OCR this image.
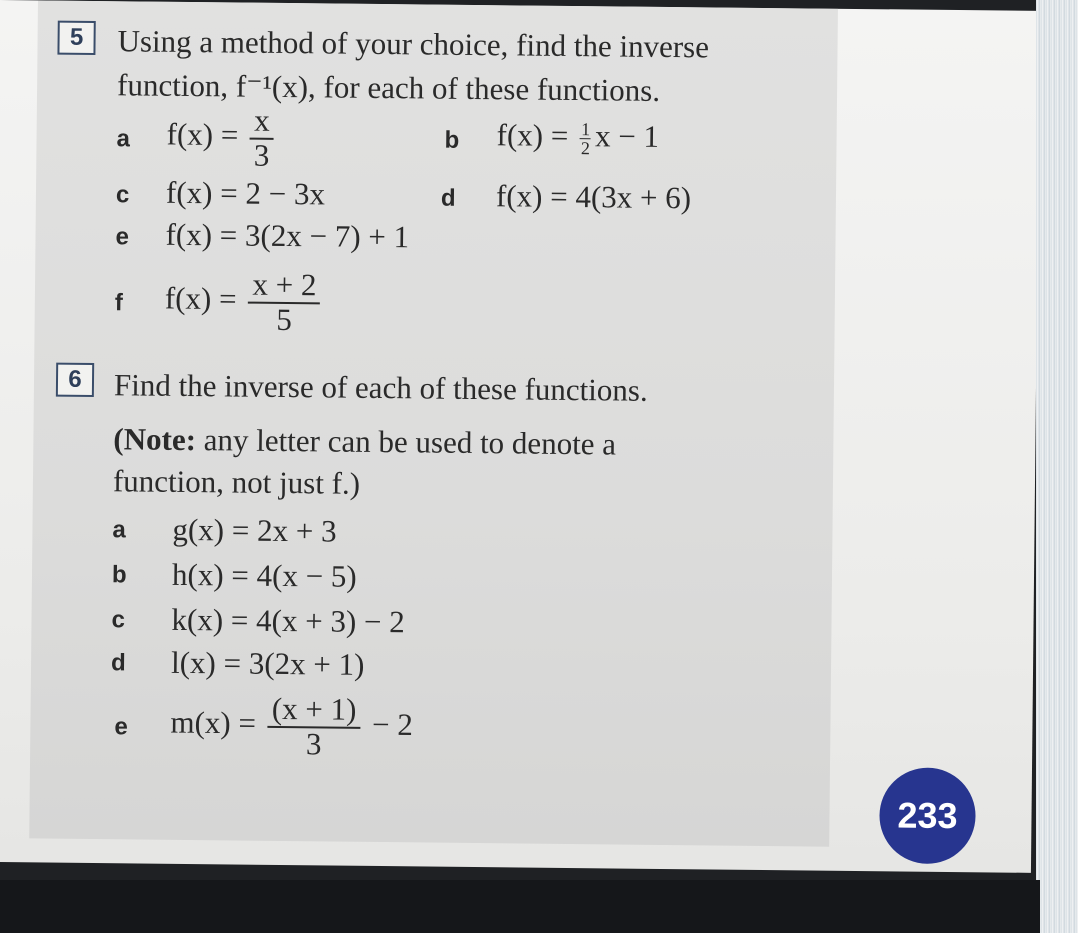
5	Using a method of your choice, find the inverse
function, f⁻¹(x), for each of these functions.
a $f(x) = \frac{x}{3}$	b $f(x) = \frac{1}{2}$ x − 1
c f(x) = 2 − 3x	d f(x) = 4(3x + 6)
e f(x) = 3(2x − 7) + 1
f $f(x) = \frac{x + 2}{5}$
6	Find the inverse of each of these functions.
(Note: any letter can be used to denote a
function, not just f.)
a g(x) = 2x + 3
b h(x) = 4(x − 5)
c k(x) = 4(x + 3) − 2
d l(x) = 3(2x + 1)
e $m(x) = \frac{(x + 1)}{3} - 2$
233
